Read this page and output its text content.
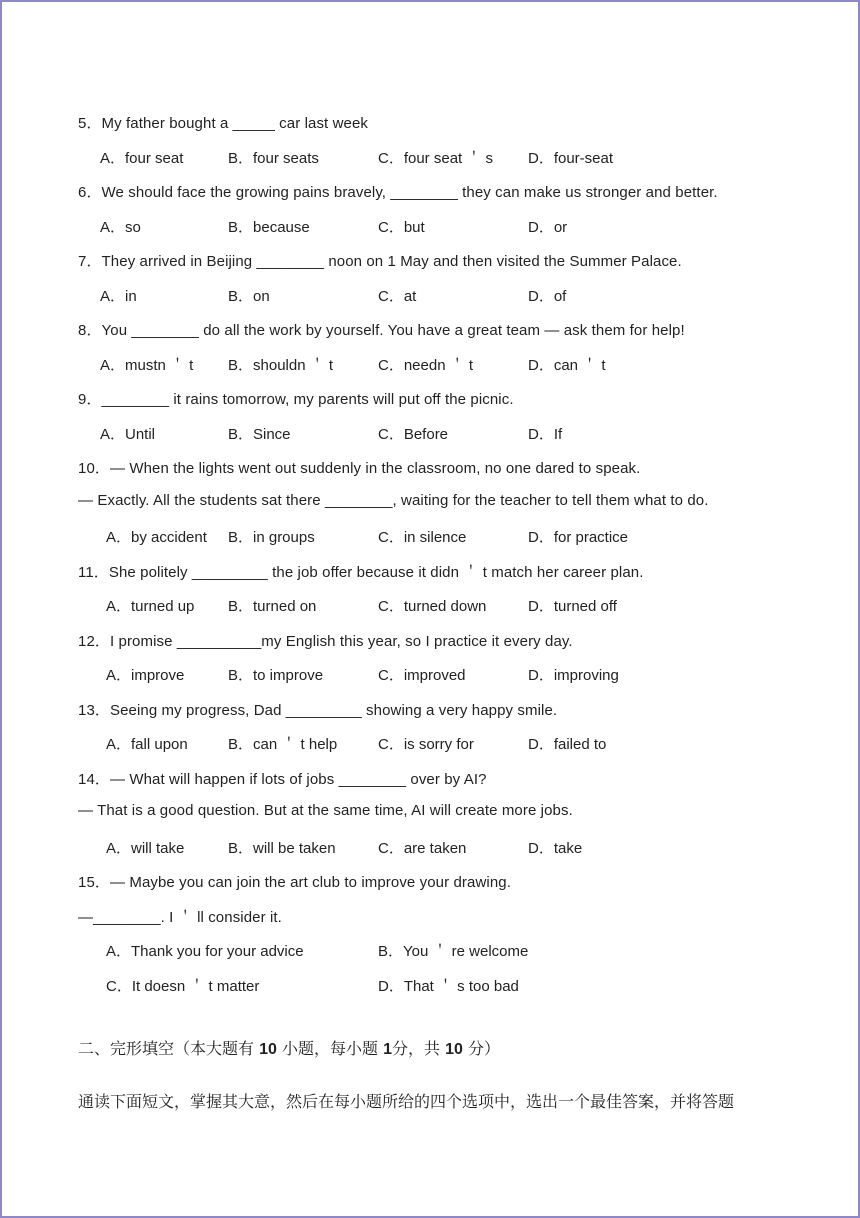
5．My father bought a _____ car last week
A．four seat	B．four seats	C．four seat ＇ s D．four-seat
6．We should face the growing pains bravely, ________ they can make us stronger and better.
A．so	B．because	C．but	D．or
7．They arrived in Beijing ________ noon on 1 May and then visited the Summer Palace.
A．in	B．on	C．at	D．of
8．You ________ do all the work by yourself. You have a great team — ask them for help!
A．mustn ＇ t B．shouldn ＇ t	C．needn ＇ t	D．can ＇ t
9．________ it rains tomorrow, my parents will put off the picnic.
A．Until	B．Since	C．Before	D．If
10．— When the lights went out suddenly in the classroom, no one dared to speak.
— Exactly. All the students sat there ________, waiting for the teacher to tell them what to do.
A．by accident B．in groups	C．in silence	D．for practice
11．She politely _________ the job offer because it didn ＇ t match her career plan.
A．turned up B．turned on	C．turned down	D．turned off
12．I promise __________my English this year, so I practice it every day.
A．improve	B．to improve	C．improved	D．improving
13．Seeing my progress, Dad _________ showing a very happy smile.
A．fall upon	B．can ＇ t help	C．is sorry for	D．failed to
14．— What will happen if lots of jobs ________ over by AI?
— That is a good question. But at the same time, AI will create more jobs.
A．will take	B．will be taken	C．are taken	D．take
15．— Maybe you can join the art club to improve your drawing.
—________. I ＇ ll consider it.
A．Thank you for your advice	B．You ＇ re welcome
C．It doesn ＇ t matter	D．That ＇ s too bad
二、完形填空（本大题有 10 小题，每小题 1分，共 10 分）
通读下面短文，掌握其大意，然后在每小题所给的四个选项中，选出一个最佳答案，并将答题
